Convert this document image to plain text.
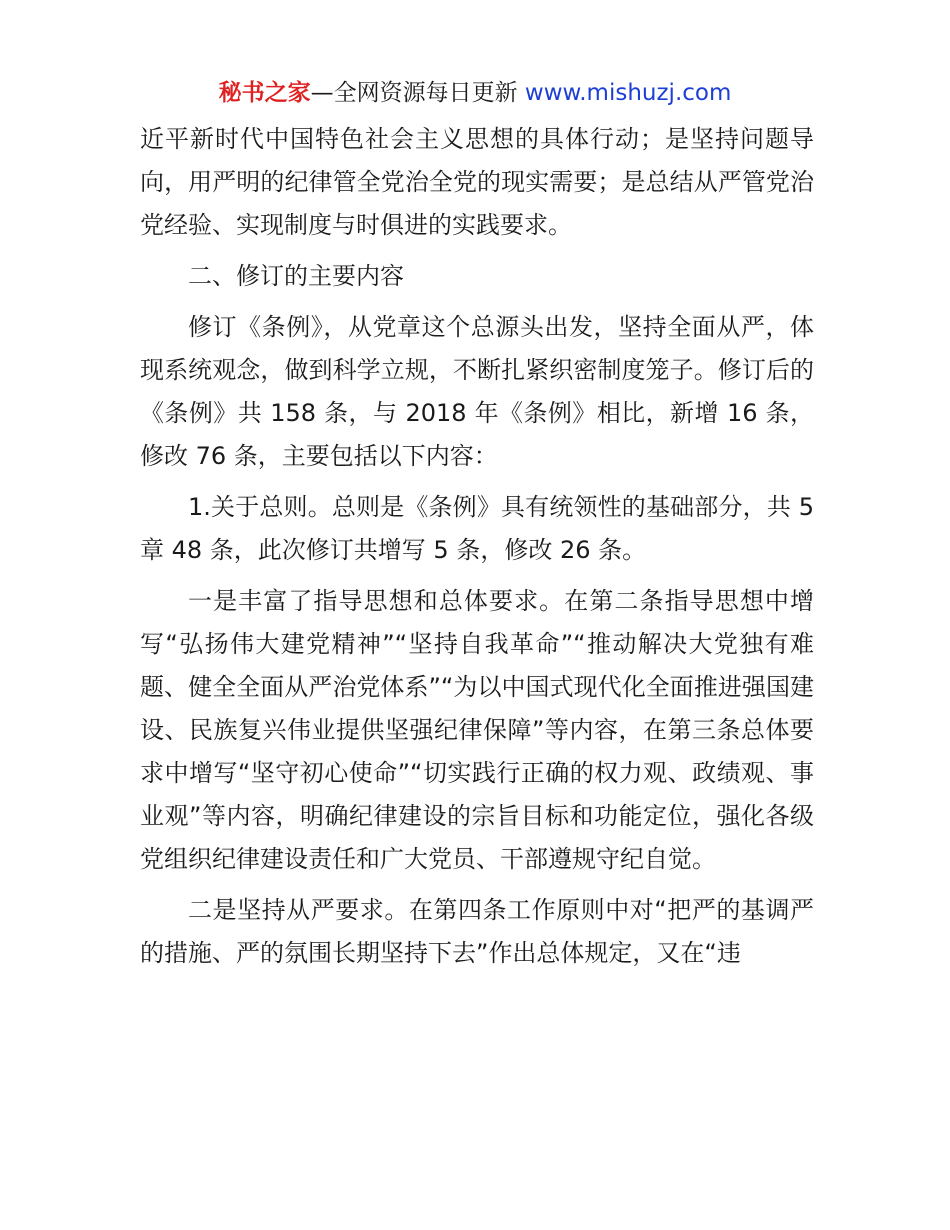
秘书之家—全网资源每日更新 www.mishuzj.com

近平新时代中国特色社会主义思想的具体行动；是坚持问题导向，用严明的纪律管全党治全党的现实需要；是总结从严管党治党经验、实现制度与时俱进的实践要求。

二、修订的主要内容

修订《条例》，从党章这个总源头出发，坚持全面从严，体现系统观念，做到科学立规，不断扎紧织密制度笼子。修订后的《条例》共 158 条，与 2018 年《条例》相比，新增 16 条，修改 76 条，主要包括以下内容：

1.关于总则。总则是《条例》具有统领性的基础部分，共 5 章 48 条，此次修订共增写 5 条，修改 26 条。

一是丰富了指导思想和总体要求。在第二条指导思想中增写“弘扬伟大建党精神”“坚持自我革命”“推动解决大党独有难题、健全全面从严治党体系”“为以中国式现代化全面推进强国建设、民族复兴伟业提供坚强纪律保障”等内容，在第三条总体要求中增写“坚守初心使命”“切实践行正确的权力观、政绩观、事业观”等内容，明确纪律建设的宗旨目标和功能定位，强化各级党组织纪律建设责任和广大党员、干部遵规守纪自觉。

二是坚持从严要求。在第四条工作原则中对“把严的基调严的措施、严的氛围长期坚持下去”作出总体规定，又在“违
